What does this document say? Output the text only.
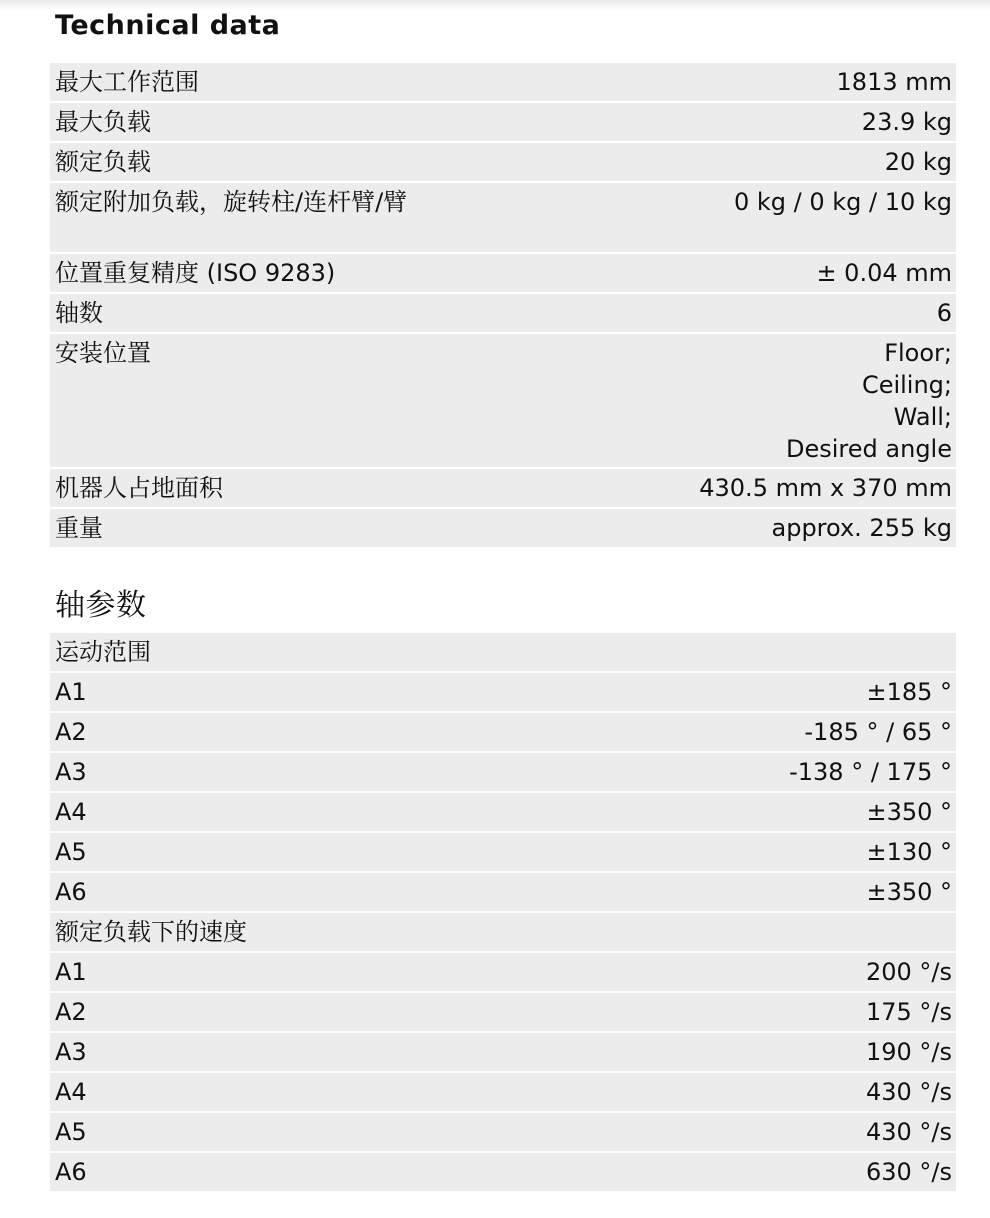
Technical data
最大工作范围	1813 mm
最大负载	23.9 kg
额定负载	20 kg
额定附加负载，旋转柱/连杆臂/臂	0 kg / 0 kg / 10 kg
位置重复精度 (ISO 9283)	± 0.04 mm
轴数	6
安装位置	Floor;
Ceiling;
Wall;
Desired angle
机器人占地面积	430.5 mm x 370 mm
重量	approx. 255 kg
轴参数
运动范围
A1	±185 °
A2	-185 ° / 65 °
A3	-138 ° / 175 °
A4	±350 °
A5	±130 °
A6	±350 °
额定负载下的速度
A1	200 °/s
A2	175 °/s
A3	190 °/s
A4	430 °/s
A5	430 °/s
A6	630 °/s
